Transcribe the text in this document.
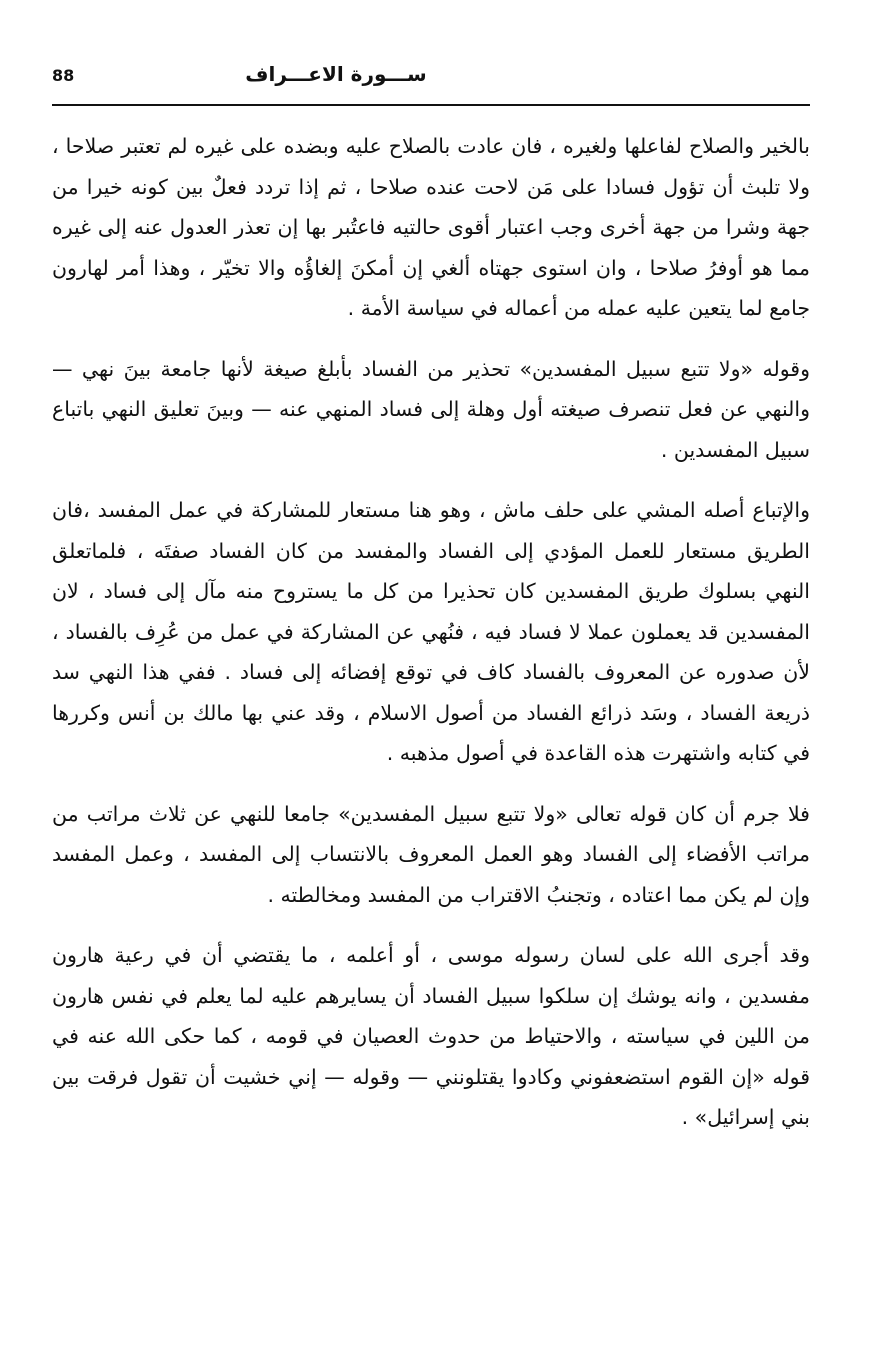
ســـورة الاعـــراف
88

بالخير والصلاح لفاعلها ولغيره ، فان عادت بالصلاح عليه وبضده على غيره لم تعتبر صلاحا ، ولا تلبث أن تؤول فسادا على مَن لاحت عنده صلاحا ، ثم إذا تردد فعلٌ بين كونه خيرا من جهة وشرا من جهة أخرى وجب اعتبار أقوى حالتيه فاعتُبر بها إن تعذر العدول عنه إلى غيره مما هو أوفرُ صلاحا ، وان استوى جهتاه ألغي إن أمكنَ إلغاؤُه والا تخيّر ، وهذا أمر لهارون جامع لما يتعين عليه عمله من أعماله في سياسة الأمة .

وقوله «ولا تتبع سبيل المفسدين» تحذير من الفساد بأبلغ صيغة لأنها جامعة بينَ نهي — والنهي عن فعل تنصرف صيغته أول وهلة إلى فساد المنهي عنه — وبينَ تعليق النهي باتباع سبيل المفسدين .

والإتباع أصله المشي على حلف ماش ، وهو هنا مستعار للمشاركة في عمل المفسد ،فان الطريق مستعار للعمل المؤدي إلى الفساد والمفسد من كان الفساد صفتَه ، فلماتعلق النهي بسلوك طريق المفسدين كان تحذيرا من كل ما يستروح منه مآل إلى فساد ، لان المفسدين قد يعملون عملا لا فساد فيه ، فنُهي عن المشاركة في عمل من عُرِف بالفساد ، لأن صدوره عن المعروف بالفساد كاف في توقع إفضائه إلى فساد . ففي هذا النهي سد ذريعة الفساد ، وسَد ذرائع الفساد من أصول الاسلام ، وقد عني بها مالك بن أنس وكررها في كتابه واشتهرت هذه القاعدة في أصول مذهبه .

فلا جرم أن كان قوله تعالى «ولا تتبع سبيل المفسدين» جامعا للنهي عن ثلاث مراتب من مراتب الأفضاء إلى الفساد وهو العمل المعروف بالانتساب إلى المفسد ، وعمل المفسد وإن لم يكن مما اعتاده ، وتجنبُ الاقتراب من المفسد ومخالطته .

وقد أجرى الله على لسان رسوله موسى ، أو أعلمه ، ما يقتضي أن في رعية هارون مفسدين ، وانه يوشك إن سلكوا سبيل الفساد أن يسايرهم عليه لما يعلم في نفس هارون من اللين في سياسته ، والاحتياط من حدوث العصيان في قومه ، كما حكى الله عنه في قوله «إن القوم استضعفوني وكادوا يقتلونني — وقوله — إني خشيت أن تقول فرقت بين بني إسرائيل» .
